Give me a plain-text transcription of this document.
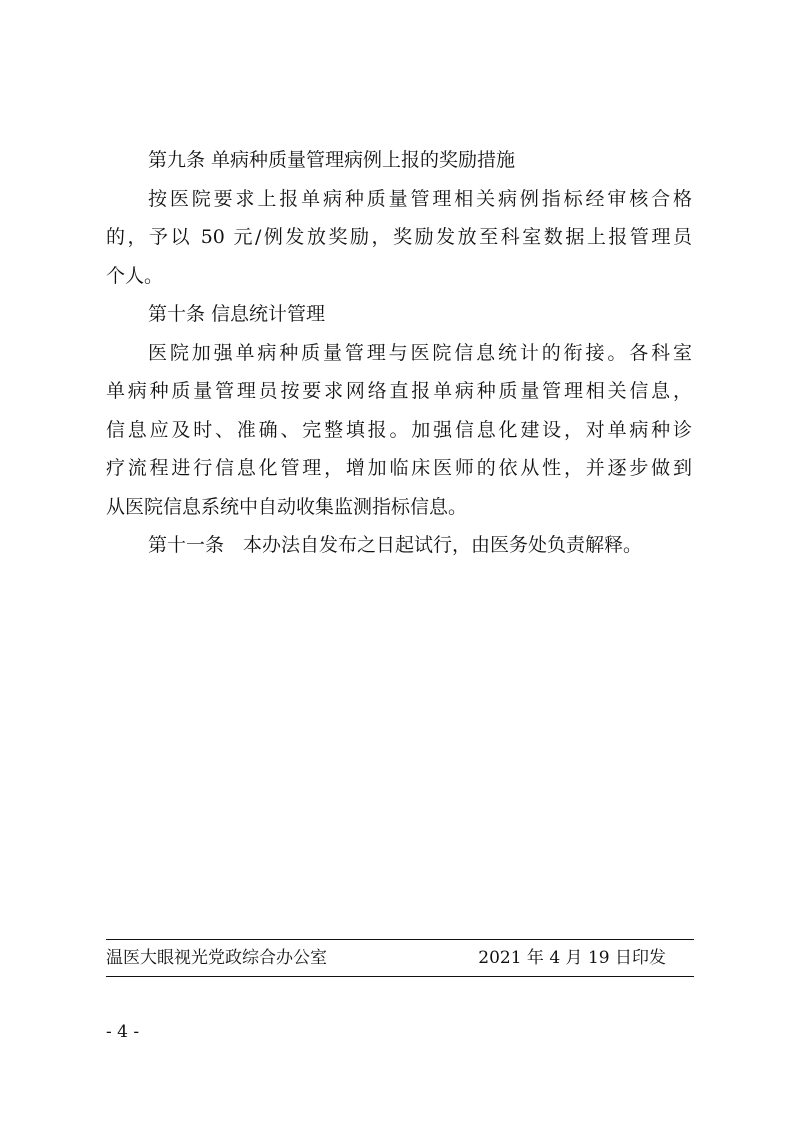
第九条 单病种质量管理病例上报的奖励措施
按医院要求上报单病种质量管理相关病例指标经审核合格
的，予以 50 元/例发放奖励，奖励发放至科室数据上报管理员
个人。
第十条 信息统计管理
医院加强单病种质量管理与医院信息统计的衔接。各科室
单病种质量管理员按要求网络直报单病种质量管理相关信息，
信息应及时、准确、完整填报。加强信息化建设，对单病种诊
疗流程进行信息化管理，增加临床医师的依从性，并逐步做到
从医院信息系统中自动收集监测指标信息。
第十一条　本办法自发布之日起试行，由医务处负责解释。
温医大眼视光党政综合办公室	2021 年 4 月 19 日印发
- 4 -
